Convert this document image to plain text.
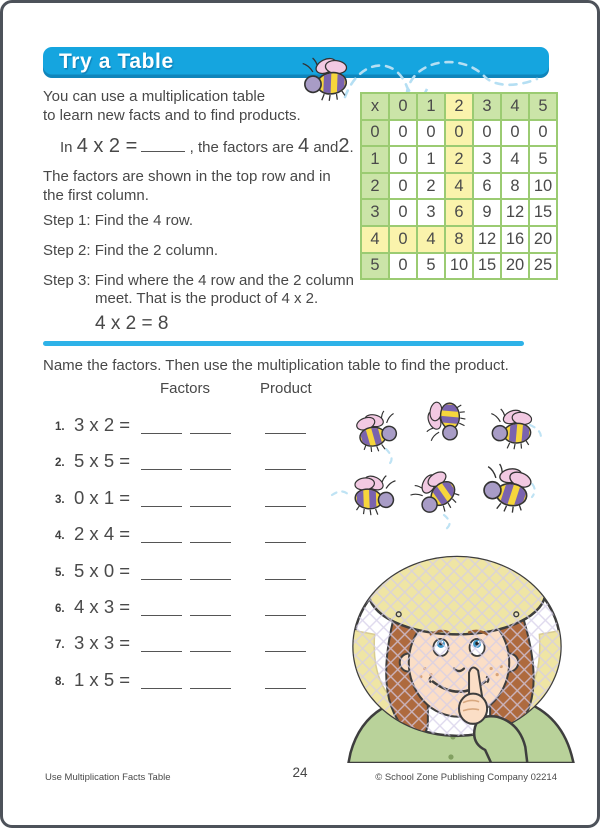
Try a Table
You can use a multiplication table
to learn new facts and to find products.
In 4 x 2 =	, the factors are 4 and2.
The factors are shown in the top row and in
the first column.
Step 1: Find the 4 row.
Step 2: Find the 2 column.
Step 3: Find where the 4 row and the 2 column
meet. That is the product of 4 x 2.
4 x 2 = 8
x	0	1	2	3	4	5
0	0	0	0	0	0	0
1	0	1	2	3	4	5
2	0	2	4	6	8	10
3	0	3	6	9	12	15
4	0	4	8	12	16	20
5	0	5	10	15	20	25
Name the factors. Then use the multiplication table to find the product.
Factors	Product
1. 3 x 2 =
2. 5 x 5 =
3. 0 x 1 =
4. 2 x 4 =
5. 5 x 0 =
6. 4 x 3 =
7. 3 x 3 =
8. 1 x 5 =
Use Multiplication Facts Table	24	© School Zone Publishing Company 02214
